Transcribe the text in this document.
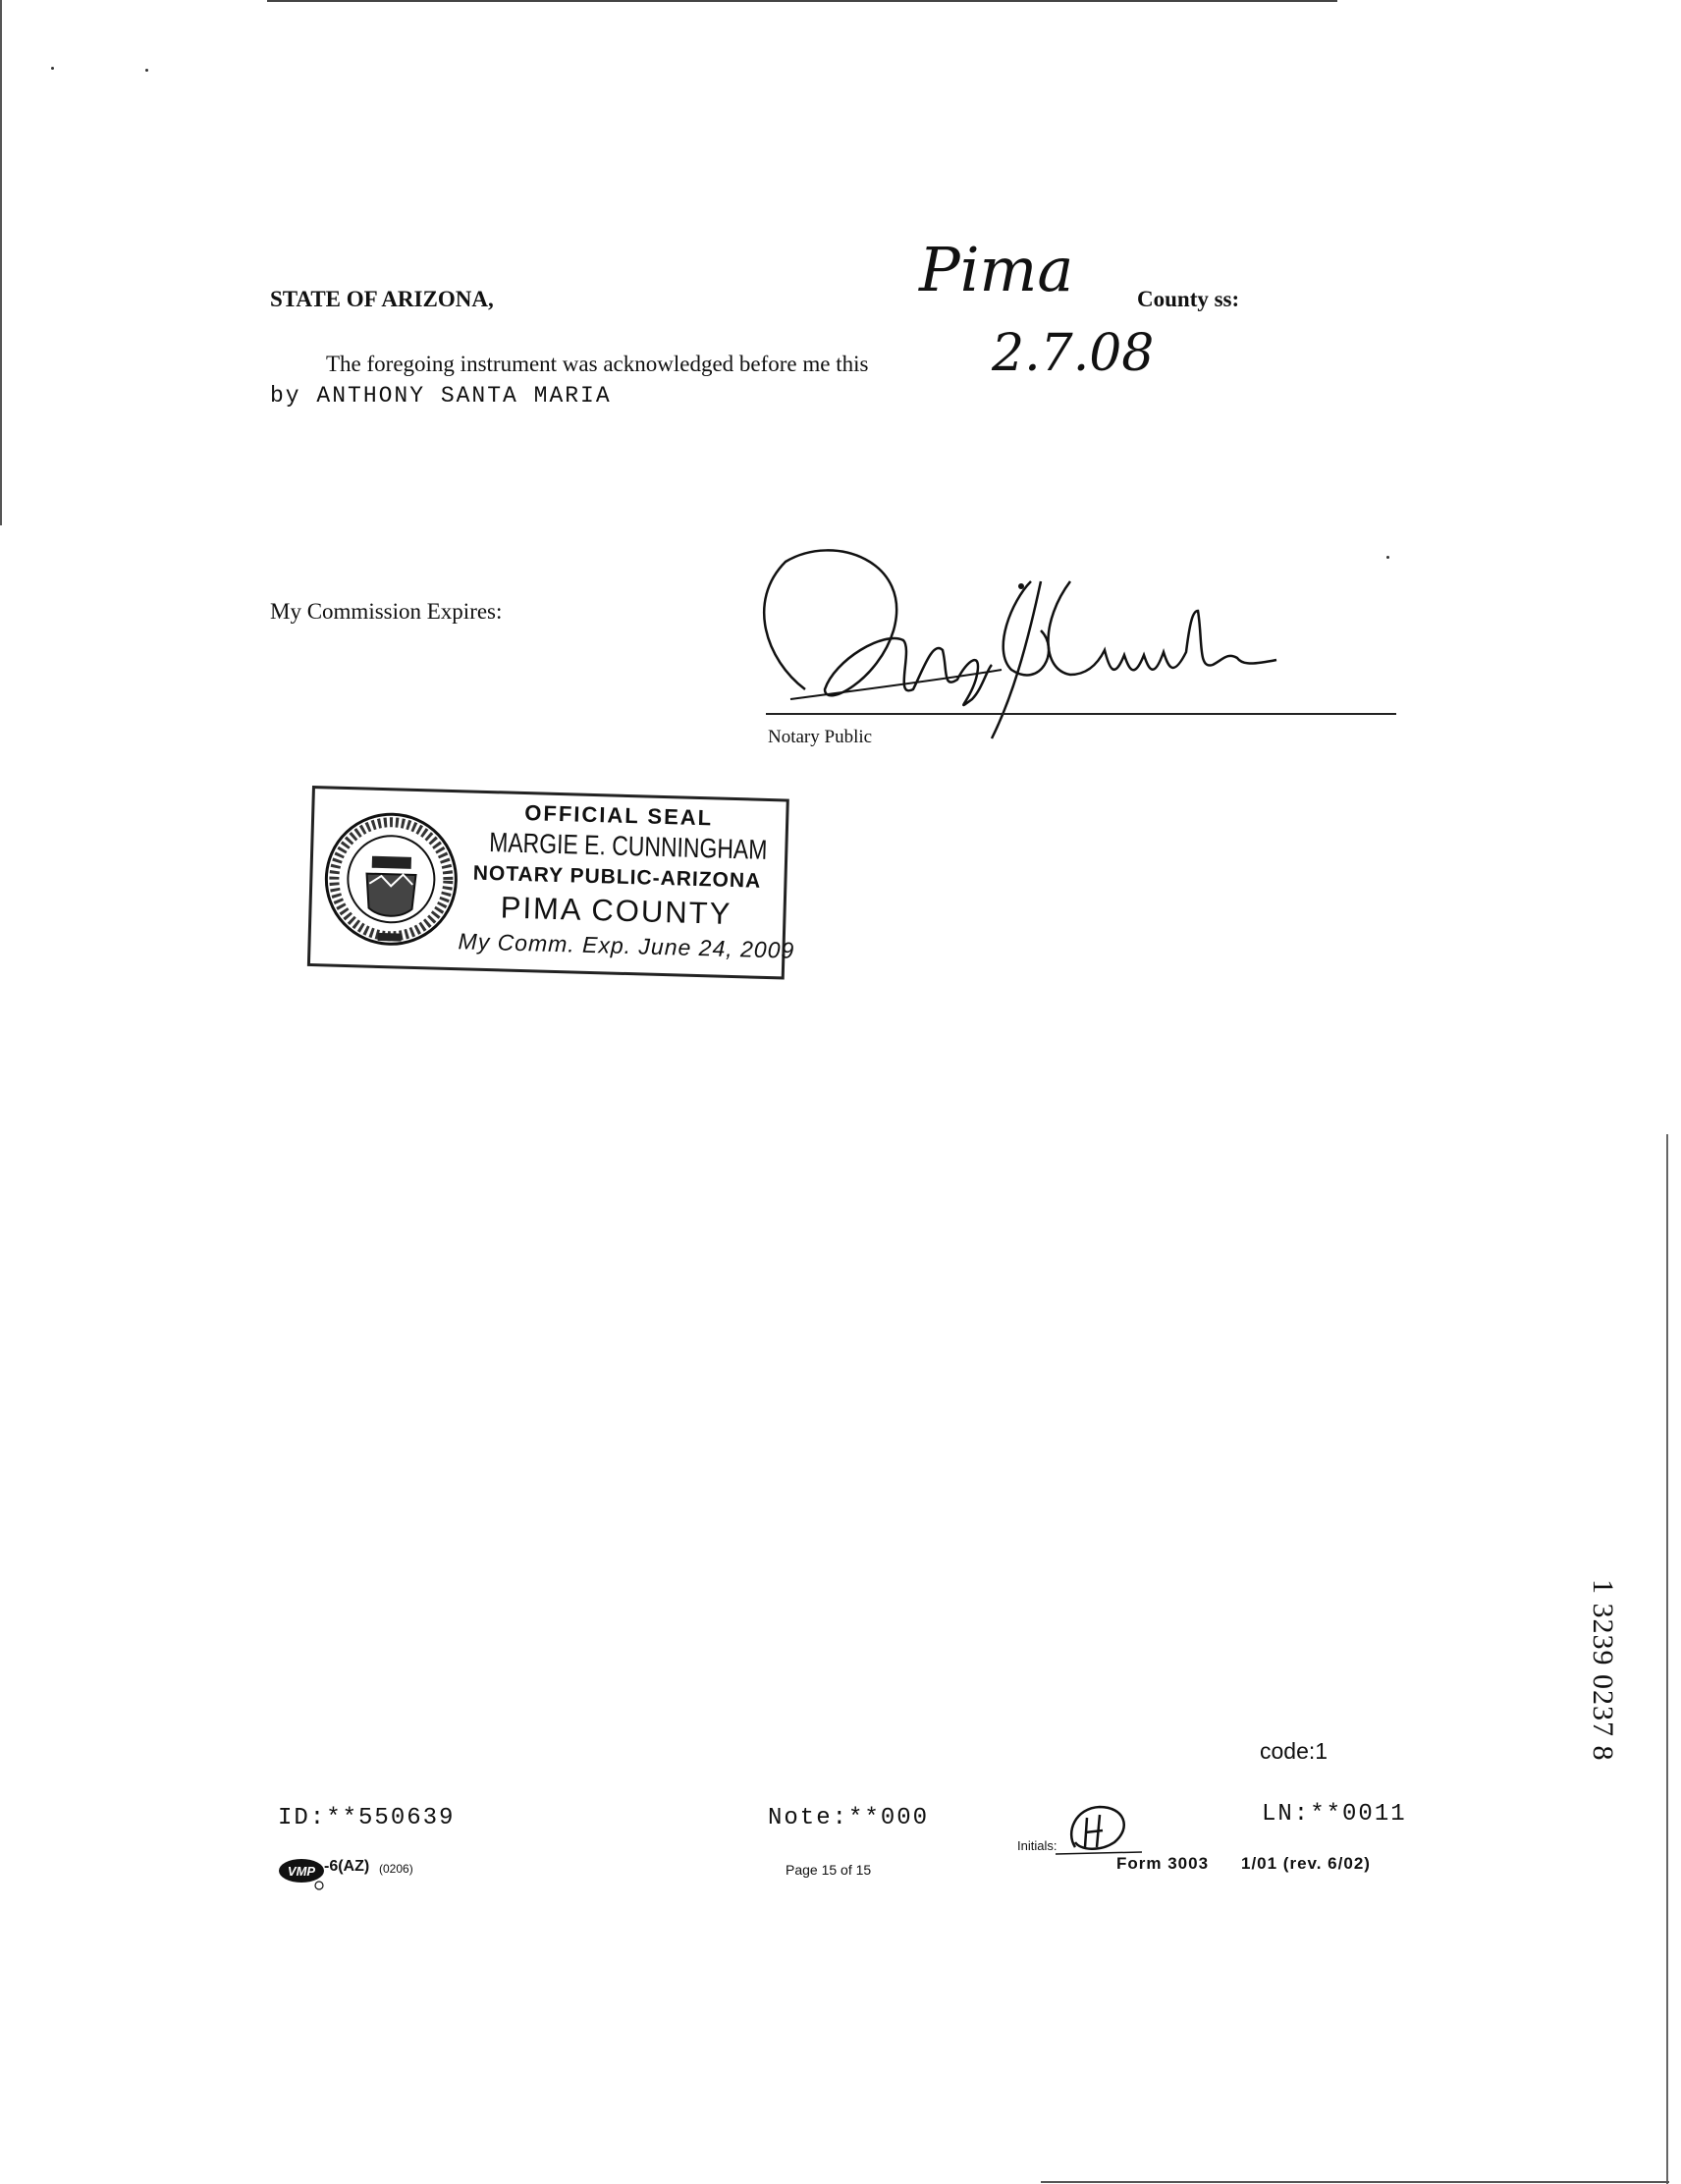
STATE OF ARIZONA,	Pima	County ss:
The foregoing instrument was acknowledged before me this 2.7.08
by ANTHONY SANTA MARIA
My Commission Expires:
Notary Public
OFFICIAL SEAL
MARGIE E. CUNNINGHAM
NOTARY PUBLIC-ARIZONA
PIMA COUNTY
My Comm. Exp. June 24, 2009
code:1
ID:**550639	Note:**000	LN:**0011
VMP -6(AZ) (0206)	Page 15 of 15
Initials:
Form 3003 1/01 (rev. 6/02)
1 3239 0237 8
